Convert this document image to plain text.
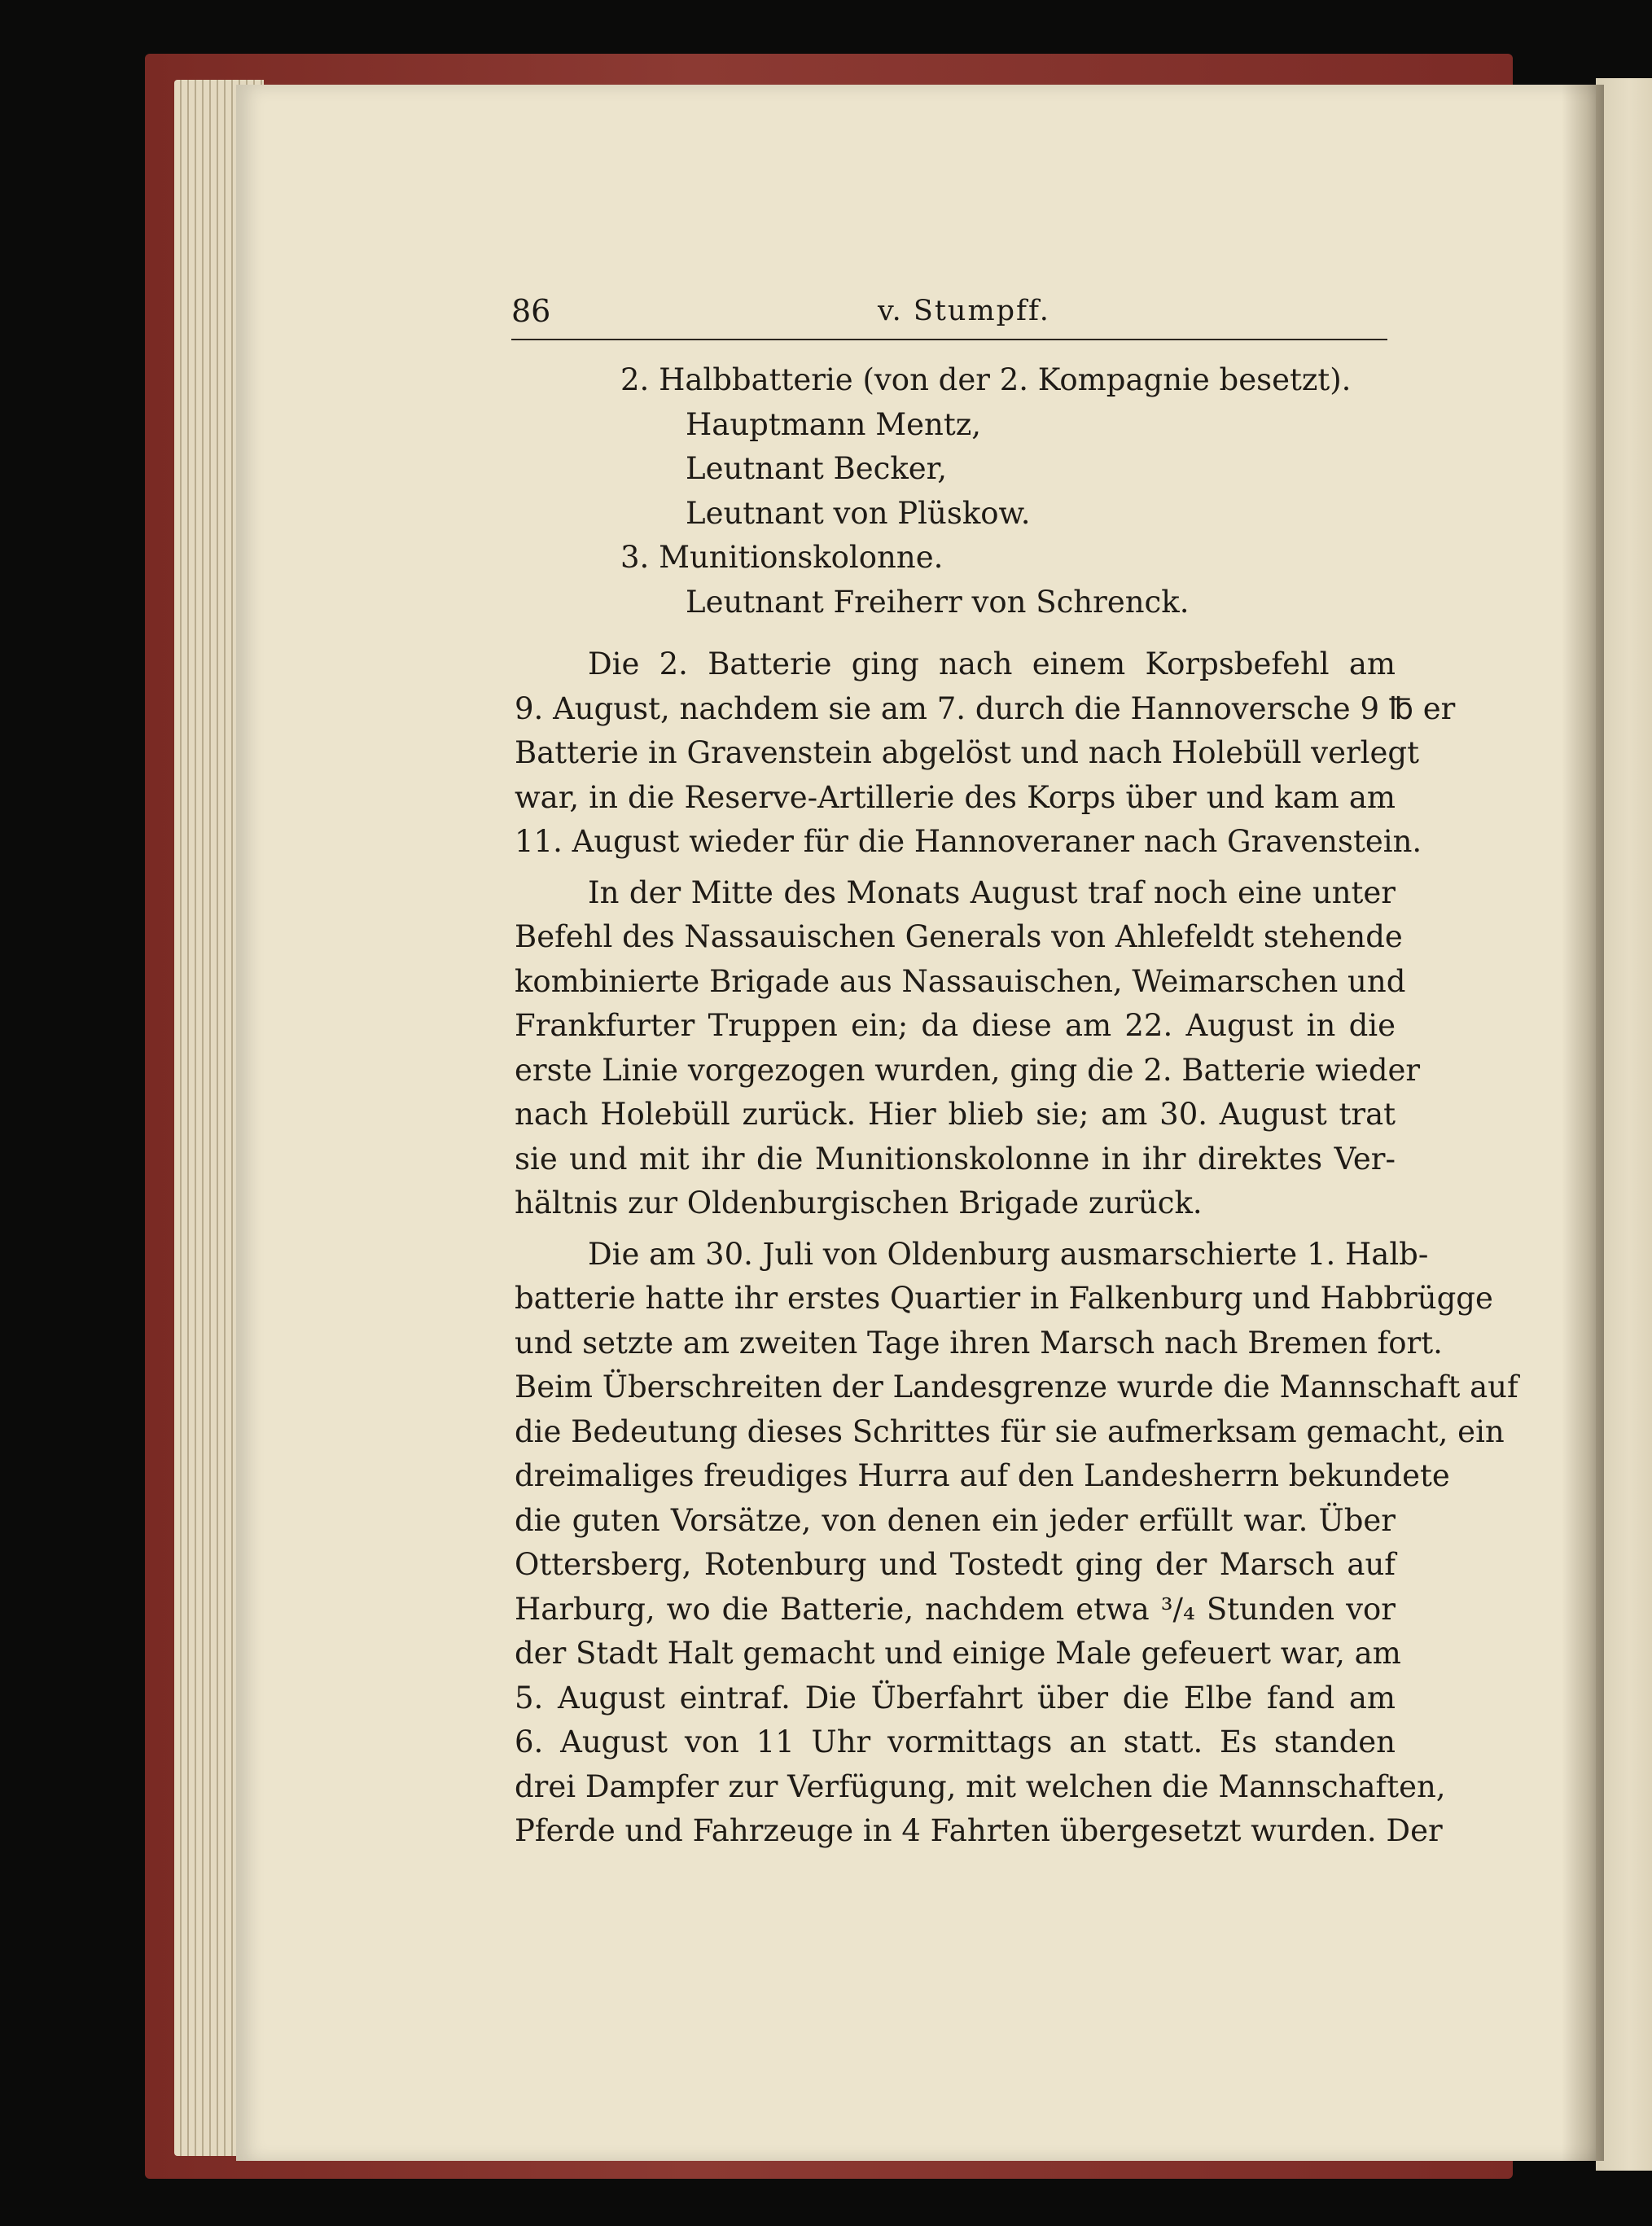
86	v. Stumpff.
2. Halbbatterie (von der 2. Kompagnie besetzt).
Hauptmann Mentz,
Leutnant Becker,
Leutnant von Plüskow.
3. Munitionskolonne.
Leutnant Freiherr von Schrenck.
Die 2. Batterie ging nach einem Korpsbefehl am
9. August, nachdem sie am 7. durch die Hannoversche 9 ℔ er
Batterie in Gravenstein abgelöst und nach Holebüll verlegt
war, in die Reserve-Artillerie des Korps über und kam am
11. August wieder für die Hannoveraner nach Gravenstein.
In der Mitte des Monats August traf noch eine unter
Befehl des Nassauischen Generals von Ahlefeldt stehende
kombinierte Brigade aus Nassauischen, Weimarschen und
Frankfurter Truppen ein; da diese am 22. August in die
erste Linie vorgezogen wurden, ging die 2. Batterie wieder
nach Holebüll zurück. Hier blieb sie; am 30. August trat
sie und mit ihr die Munitionskolonne in ihr direktes Ver-
hältnis zur Oldenburgischen Brigade zurück.
Die am 30. Juli von Oldenburg ausmarschierte 1. Halb-
batterie hatte ihr erstes Quartier in Falkenburg und Habbrügge
und setzte am zweiten Tage ihren Marsch nach Bremen fort.
Beim Überschreiten der Landesgrenze wurde die Mannschaft auf
die Bedeutung dieses Schrittes für sie aufmerksam gemacht, ein
dreimaliges freudiges Hurra auf den Landesherrn bekundete
die guten Vorsätze, von denen ein jeder erfüllt war. Über
Ottersberg, Rotenburg und Tostedt ging der Marsch auf
Harburg, wo die Batterie, nachdem etwa ³/₄ Stunden vor
der Stadt Halt gemacht und einige Male gefeuert war, am
5. August eintraf. Die Überfahrt über die Elbe fand am
6. August von 11 Uhr vormittags an statt. Es standen
drei Dampfer zur Verfügung, mit welchen die Mannschaften,
Pferde und Fahrzeuge in 4 Fahrten übergesetzt wurden. Der
